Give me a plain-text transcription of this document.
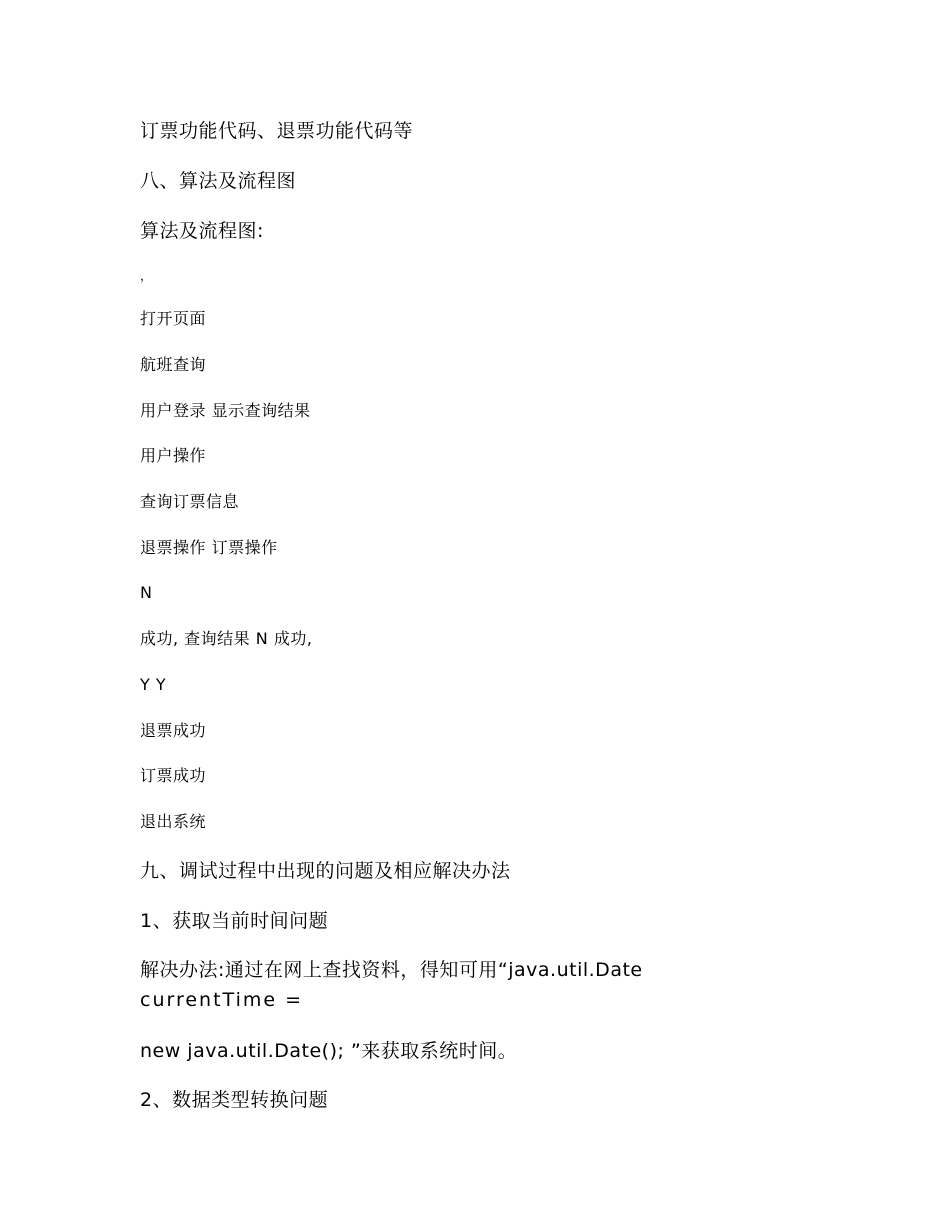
订票功能代码、退票功能代码等
八、算法及流程图
算法及流程图:
，
打开页面
航班查询
用户登录 显示查询结果
用户操作
查询订票信息
退票操作 订票操作
N
成功, 查询结果 N 成功,
Y Y
退票成功
订票成功
退出系统
九、调试过程中出现的问题及相应解决办法
1、获取当前时间问题
解决办法:通过在网上查找资料，得知可用“java.util.Date
currentTime =
new java.util.Date(); ”来获取系统时间。
2、数据类型转换问题
